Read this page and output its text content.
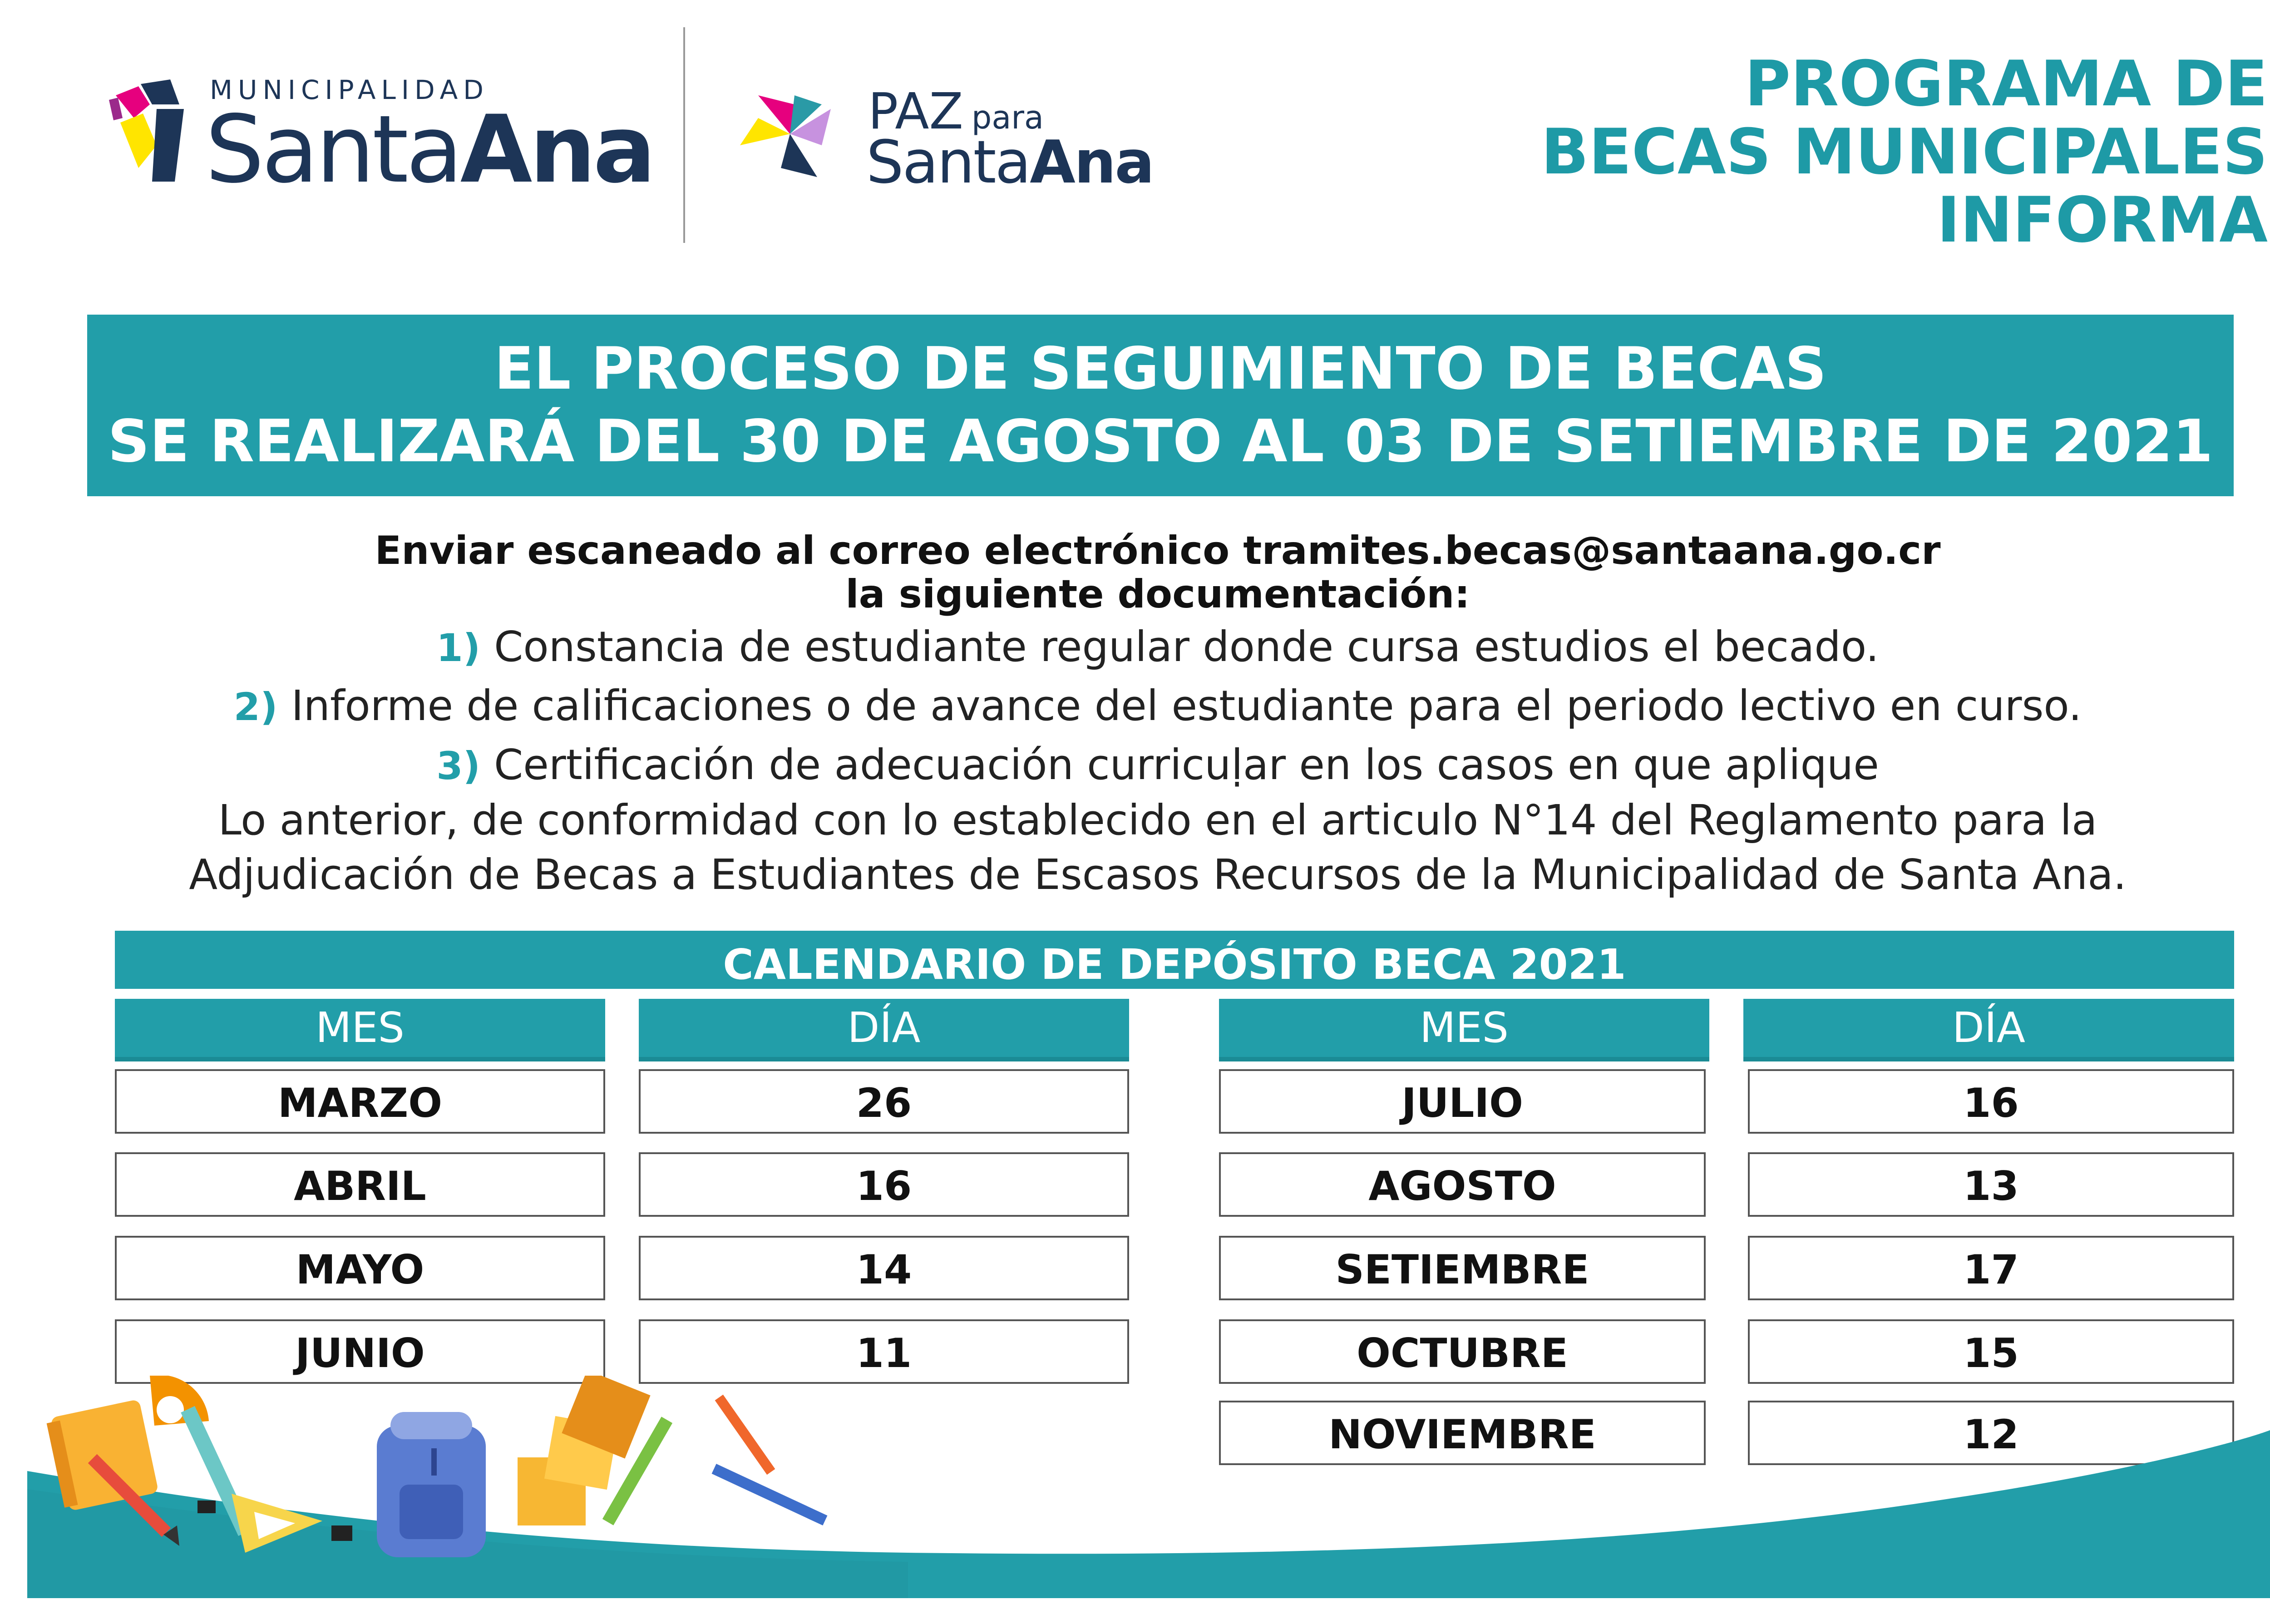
MUNICIPALIDAD
SantaAna	PAZ para
SantaAna
PROGRAMA DE
BECAS MUNICIPALES
INFORMA
EL PROCESO DE SEGUIMIENTO DE BECAS
SE REALIZARÁ DEL 30 DE AGOSTO AL 03 DE SETIEMBRE DE 2021
Enviar escaneado al correo electrónico tramites.becas@santaana.go.cr
la siguiente documentación:
1) Constancia de estudiante regular donde cursa estudios el becado.
2) Informe de calificaciones o de avance del estudiante para el periodo lectivo en curso.
3) Certificación de adecuación curricuḷar en los casos en que aplique
Lo anterior, de conformidad con lo establecido en el articulo N°14 del Reglamento para la
Adjudicación de Becas a Estudiantes de Escasos Recursos de la Municipalidad de Santa Ana.
CALENDARIO DE DEPÓSITO BECA 2021
MES	DÍA	MES	DÍA
MARZO	26
ABRIL	16
MAYO	14
JUNIO	11
JULIO	16
AGOSTO	13
SETIEMBRE	17
OCTUBRE	15
NOVIEMBRE	12
